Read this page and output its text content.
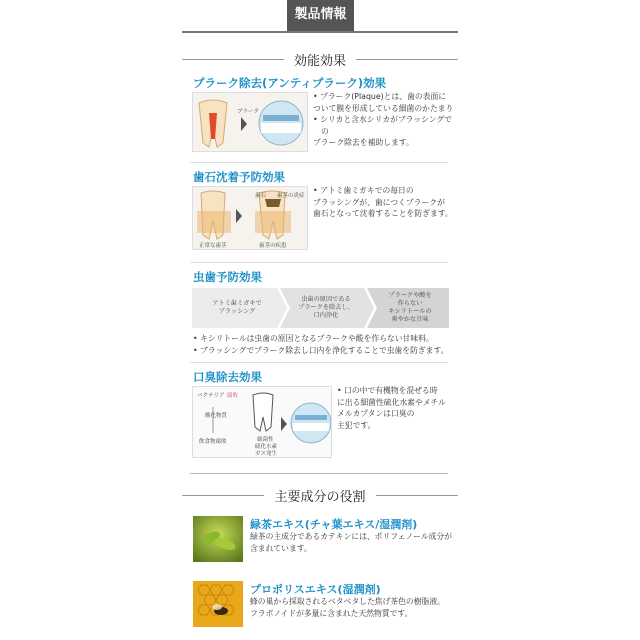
製品情報
効能効果
プラーク除去(アンティプラーク)効果
プラーク

• プラーク(Plaque)とは、歯の表面に

ついて膜を形成している細菌のかたまり

• シリカと含水シリカがブラッシングでの

プラーク除去を補助します。

歯石沈着予防効果
歯石 歯茎の炎症
正常な歯茎	歯茎の疾患

• アトミ歯ミガキでの毎日の

ブラッシングが、歯につくプラークが

歯石となって沈着することを防ぎます。

虫歯予防効果
アトミ歯ミガキで
ブラッシング
虫歯の原因である
プラークを除去し、
口内浄化
プラークや酸を
作らない
キシリトールの
爽やかな甘味

• キシリトールは虫歯の原因となるプラークや酸を作らない甘味料。

• ブラッシングでプラーク除去し口内を浄化することで虫歯を防ぎます。

口臭除去効果
バクテリア 腐敗
酸化物質
飲食物腐敗	細菌性
硫化水素
ガス発生

• 口の中で有機物を混ぜる時

に出る細菌性硫化水素やメチル

メルカプタンは口臭の

主犯です。

主要成分の役割
緑茶エキス(チャ葉エキス/湿潤剤)

緑茶の主成分であるカテキンには、ポリフェノール成分が

含まれています。

プロポリスエキス(湿潤剤)

蜂の巣から採取されるベタベタした焦げ茶色の樹脂液。

フラボノイドが多量に含まれた天然物質です。
